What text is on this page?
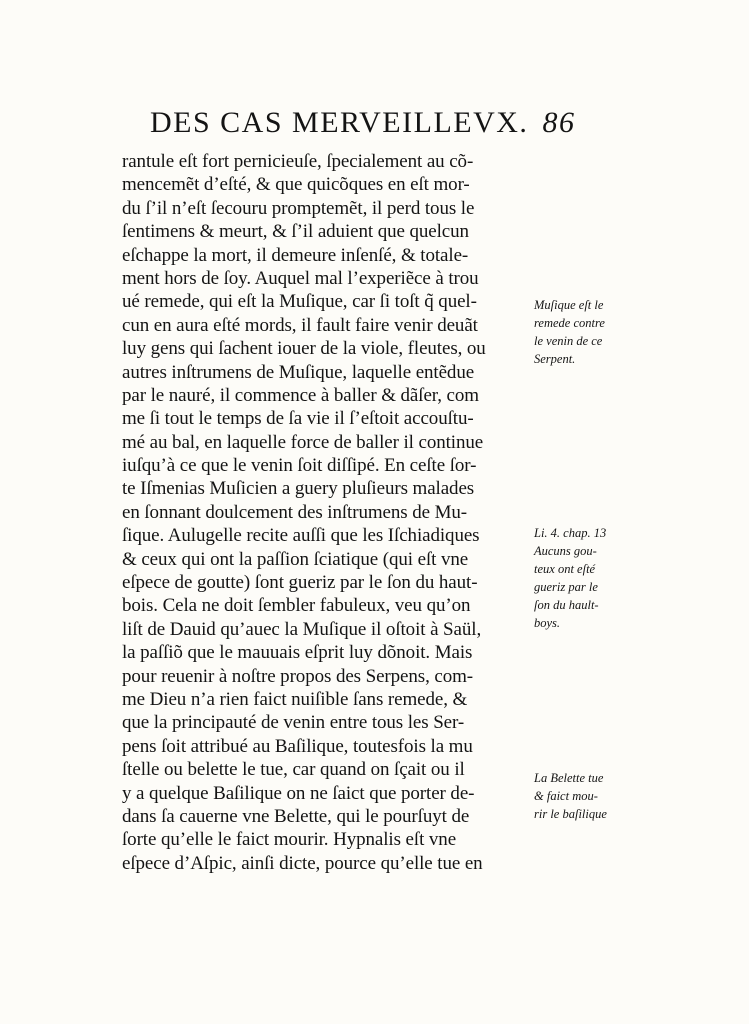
DES CAS MERVEILLEVX. 86
rantule eſt fort pernicieuſe, ſpecialement au cõ-
mencemẽt d’eſté, & que quicõques en eſt mor-
du ſ’il n’eſt ſecouru promptemẽt, il perd tous le
ſentimens & meurt, & ſ’il aduient que quelcun
eſchappe la mort, il demeure inſenſé, & totale-
ment hors de ſoy. Auquel mal l’experiẽce à trou
ué remede, qui eſt la Muſique, car ſi toſt q̃ quel-
cun en aura eſté mords, il fault faire venir deuãt
luy gens qui ſachent iouer de la viole, fleutes, ou
autres inſtrumens de Muſique, laquelle entẽdue
par le nauré, il commence à baller & dãſer, com
me ſi tout le temps de ſa vie il ſ’eſtoit accouſtu-
mé au bal, en laquelle force de baller il continue
iuſqu’à ce que le venin ſoit diſſipé. En ceſte ſor-
te Iſmenias Muſicien a guery pluſieurs malades
en ſonnant doulcement des inſtrumens de Mu-
ſique. Aulugelle recite auſſi que les Iſchiadiques
& ceux qui ont la paſſion ſciatique (qui eſt vne
eſpece de goutte) ſont gueriz par le ſon du haut-
bois. Cela ne doit ſembler fabuleux, veu qu’on
liſt de Dauid qu’auec la Muſique il oſtoit à Saül,
la paſſiõ que le mauuais eſprit luy dõnoit. Mais
pour reuenir à noſtre propos des Serpens, com-
me Dieu n’a rien faict nuiſible ſans remede, &
que la principauté de venin entre tous les Ser-
pens ſoit attribué au Baſilique, toutesfois la mu
ſtelle ou belette le tue, car quand on ſçait ou il
y a quelque Baſilique on ne ſaict que porter de-
dans ſa cauerne vne Belette, qui le pourſuyt de
ſorte qu’elle le faict mourir. Hypnalis eſt vne
eſpece d’Aſpic, ainſi dicte, pource qu’elle tue en
Muſique eſt le
remede contre
le venin de ce
Serpent.
Li. 4. chap. 13
Aucuns gou-
teux ont eſté
gueriz par le
ſon du hault-
boys.
La Belette tue
& faict mou-
rir le baſilique
